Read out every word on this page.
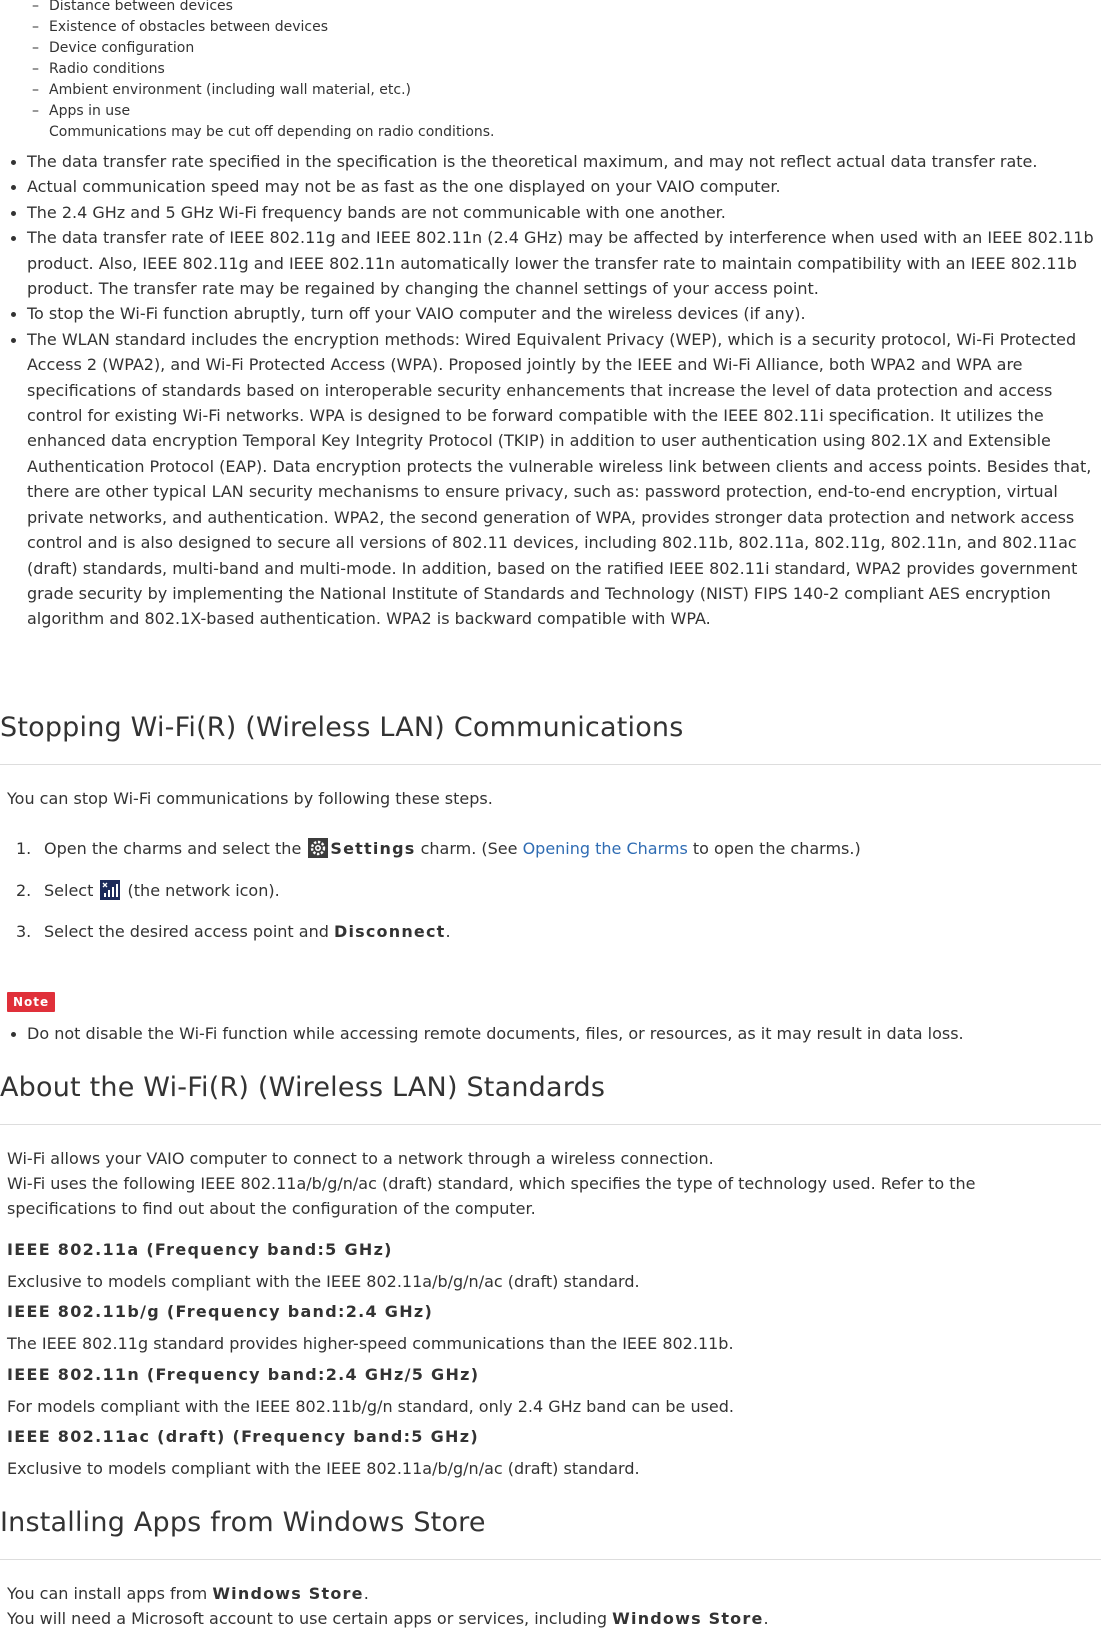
– Distance between devices
– Existence of obstacles between devices
– Device configuration
– Radio conditions
– Ambient environment (including wall material, etc.)
– Apps in use
Communications may be cut off depending on radio conditions.
The data transfer rate specified in the specification is the theoretical maximum, and may not reflect actual data transfer rate.
Actual communication speed may not be as fast as the one displayed on your VAIO computer.
The 2.4 GHz and 5 GHz Wi-Fi frequency bands are not communicable with one another.
The data transfer rate of IEEE 802.11g and IEEE 802.11n (2.4 GHz) may be affected by interference when used with an IEEE 802.11b product. Also, IEEE 802.11g and IEEE 802.11n automatically lower the transfer rate to maintain compatibility with an IEEE 802.11b product. The transfer rate may be regained by changing the channel settings of your access point.
To stop the Wi-Fi function abruptly, turn off your VAIO computer and the wireless devices (if any).
The WLAN standard includes the encryption methods: Wired Equivalent Privacy (WEP), which is a security protocol, Wi-Fi Protected Access 2 (WPA2), and Wi-Fi Protected Access (WPA). Proposed jointly by the IEEE and Wi-Fi Alliance, both WPA2 and WPA are specifications of standards based on interoperable security enhancements that increase the level of data protection and access control for existing Wi-Fi networks. WPA is designed to be forward compatible with the IEEE 802.11i specification. It utilizes the enhanced data encryption Temporal Key Integrity Protocol (TKIP) in addition to user authentication using 802.1X and Extensible Authentication Protocol (EAP). Data encryption protects the vulnerable wireless link between clients and access points. Besides that, there are other typical LAN security mechanisms to ensure privacy, such as: password protection, end-to-end encryption, virtual private networks, and authentication. WPA2, the second generation of WPA, provides stronger data protection and network access control and is also designed to secure all versions of 802.11 devices, including 802.11b, 802.11a, 802.11g, 802.11n, and 802.11ac (draft) standards, multi-band and multi-mode. In addition, based on the ratified IEEE 802.11i standard, WPA2 provides government grade security by implementing the National Institute of Standards and Technology (NIST) FIPS 140-2 compliant AES encryption algorithm and 802.1X-based authentication. WPA2 is backward compatible with WPA.
Stopping Wi-Fi(R) (Wireless LAN) Communications

You can stop Wi-Fi communications by following these steps.

1. Open the charms and select the Settings charm. (See Opening the Charms to open the charms.)
2. Select  (the network icon).
3. Select the desired access point and Disconnect.
Note
Do not disable the Wi-Fi function while accessing remote documents, files, or resources, as it may result in data loss.
About the Wi-Fi(R) (Wireless LAN) Standards

Wi-Fi allows your VAIO computer to connect to a network through a wireless connection.

Wi-Fi uses the following IEEE 802.11a/b/g/n/ac (draft) standard, which specifies the type of technology used. Refer to the specifications to find out about the configuration of the computer.

IEEE 802.11a (Frequency band:5 GHz)
Exclusive to models compliant with the IEEE 802.11a/b/g/n/ac (draft) standard.
IEEE 802.11b/g (Frequency band:2.4 GHz)
The IEEE 802.11g standard provides higher-speed communications than the IEEE 802.11b.
IEEE 802.11n (Frequency band:2.4 GHz/5 GHz)
For models compliant with the IEEE 802.11b/g/n standard, only 2.4 GHz band can be used.
IEEE 802.11ac (draft) (Frequency band:5 GHz)
Exclusive to models compliant with the IEEE 802.11a/b/g/n/ac (draft) standard.
Installing Apps from Windows Store

You can install apps from Windows Store.

You will need a Microsoft account to use certain apps or services, including Windows Store.
